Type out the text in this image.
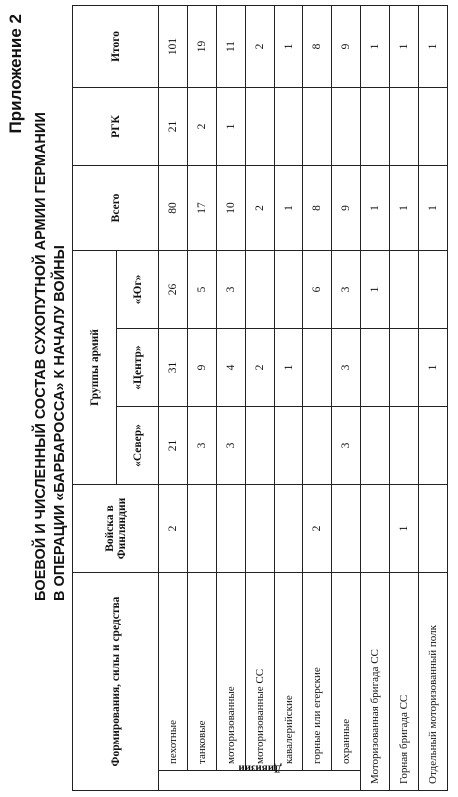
Приложение 2
БОЕВОЙ И ЧИСЛЕННЫЙ СОСТАВ СУХОПУТНОЙ АРМИИ ГЕРМАНИИ В ОПЕРАЦИИ «БАРБАРОССА» К НАЧАЛУ ВОЙНЫ
Формирования, силы и средства		Войска в Финляндии	Группы армий			Всего	РГК	Итого
			«Север»	«Центр»	«Юг»			
Дивизии	пехотные	2	21	31	26	80	21	101
	танковые		3	9	5	17	2	19
	моторизованные		3	4	3	10	1	11
	моторизованные СС			2		2		2
	кавалерийские			1		1		1
	горные или егерские	2			6	8		8
	охранные		3	3	3	9		9
Моторизованная бригада СС					1	1		1
Горная бригада СС		1				1		1
Отдельный моторизованный полк				1		1		1
